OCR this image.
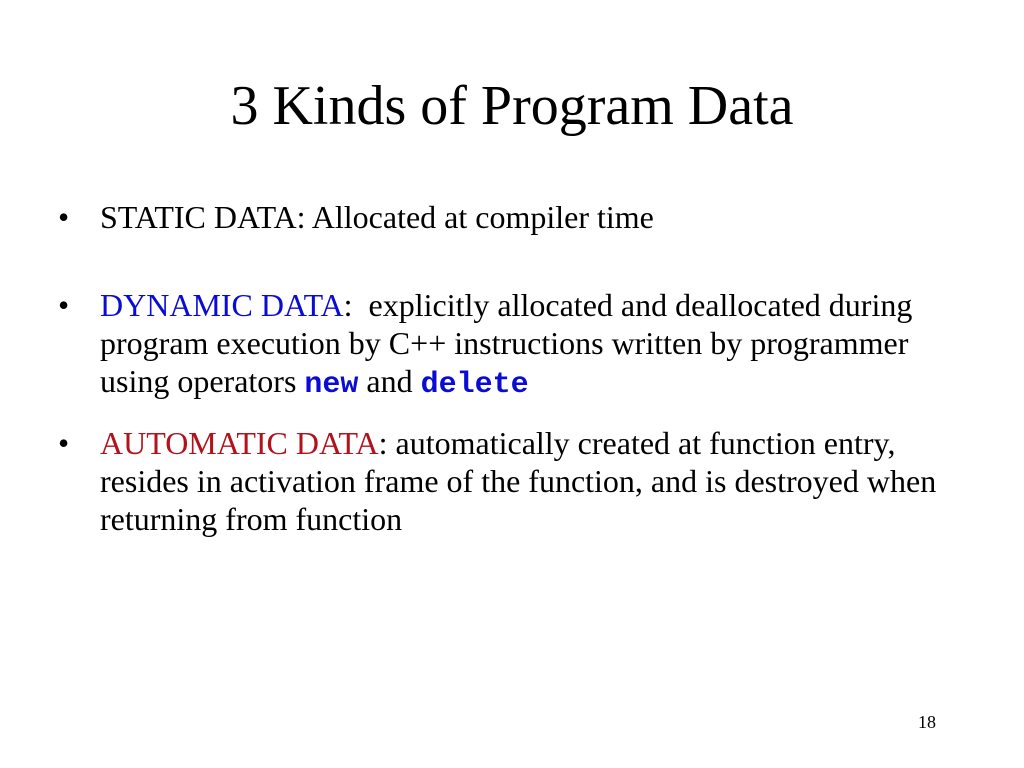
3 Kinds of Program Data
• STATIC DATA: Allocated at compiler time
• DYNAMIC DATA:  explicitly allocated and deallocated during program execution by C++ instructions written by programmer using operators new and delete
• AUTOMATIC DATA: automatically created at function entry, resides in activation frame of the function, and is destroyed when returning from function
18
